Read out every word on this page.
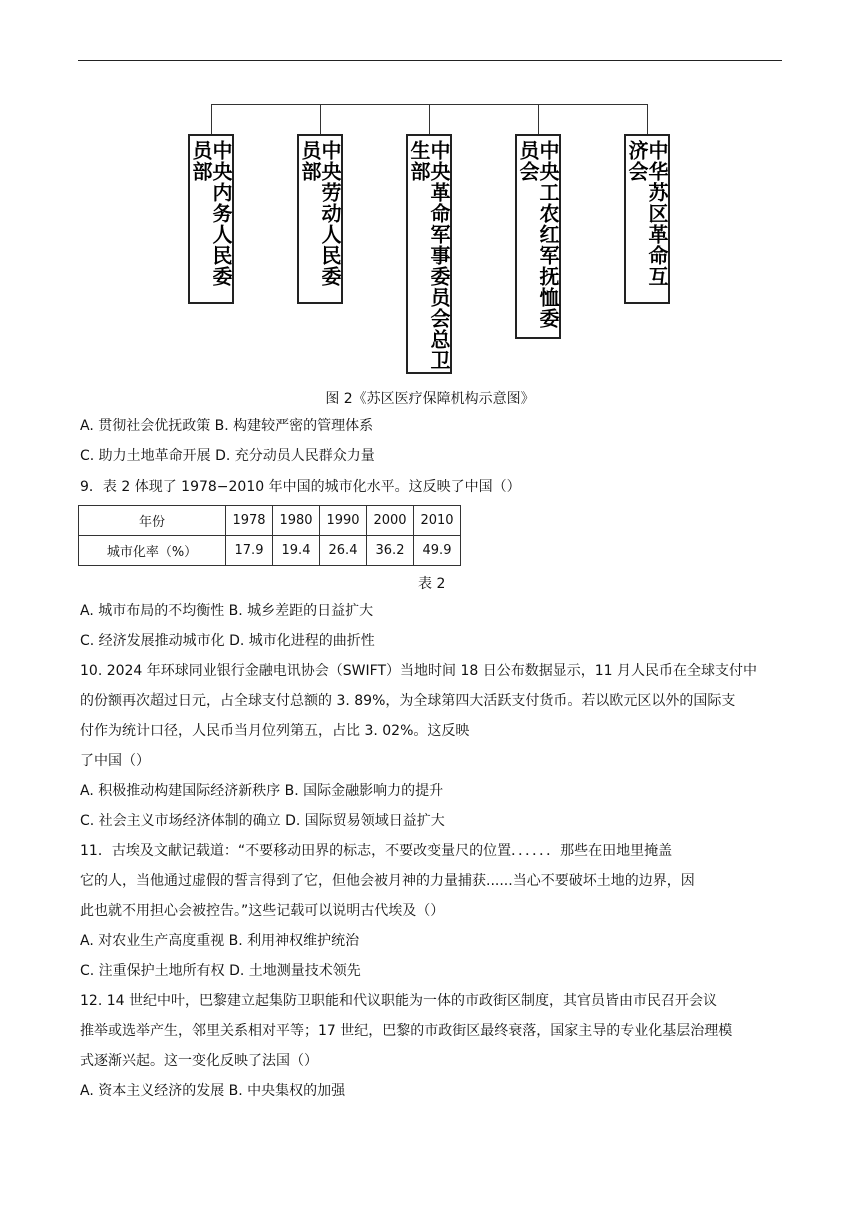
中央内务人民委员部	中央劳动人民委员部	中央革命军事委员会总卫生部	中央工农红军抚恤委员会	中华苏区革命互济会
图 2《苏区医疗保障机构示意图》
A. 贯彻社会优抚政策 B. 构建较严密的管理体系
C. 助力土地革命开展 D. 充分动员人民群众力量
9．表 2 体现了 1978−2010 年中国的城市化水平。这反映了中国（）
年份	1978	1980	1990	2000	2010
城市化率（%）	17.9	19.4	26.4	36.2	49.9
表 2
A. 城市布局的不均衡性 B. 城乡差距的日益扩大
C. 经济发展推动城市化 D. 城市化进程的曲折性
10. 2024 年环球同业银行金融电讯协会（SWIFT）当地时间 18 日公布数据显示，11 月人民币在全球支付中
的份额再次超过日元，占全球支付总额的 3. 89%，为全球第四大活跃支付货币。若以欧元区以外的国际支
付作为统计口径，人民币当月位列第五，占比 3. 02%。这反映
了中国（）
A. 积极推动构建国际经济新秩序 B. 国际金融影响力的提升
C. 社会主义市场经济体制的确立 D. 国际贸易领域日益扩大
11．古埃及文献记载道：“不要移动田界的标志，不要改变量尺的位置．．．．．．那些在田地里掩盖
它的人，当他通过虚假的誓言得到了它，但他会被月神的力量捕获......当心不要破坏土地的边界，因
此也就不用担心会被控告。”这些记载可以说明古代埃及（）
A. 对农业生产高度重视 B. 利用神权维护统治
C. 注重保护土地所有权 D. 土地测量技术领先
12. 14 世纪中叶，巴黎建立起集防卫职能和代议职能为一体的市政街区制度，其官员皆由市民召开会议
推举或选举产生，邻里关系相对平等；17 世纪，巴黎的市政街区最终衰落，国家主导的专业化基层治理模
式逐渐兴起。这一变化反映了法国（）
A. 资本主义经济的发展 B. 中央集权的加强
